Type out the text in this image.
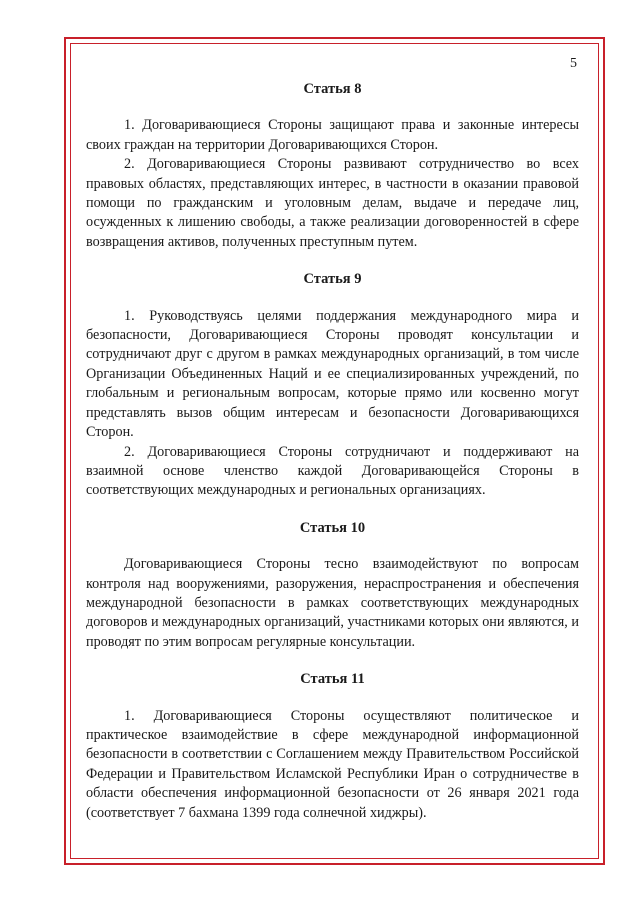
5
Статья 8

1. Договаривающиеся Стороны защищают права и законные интересы своих граждан на территории Договаривающихся Сторон.

2. Договаривающиеся Стороны развивают сотрудничество во всех правовых областях, представляющих интерес, в частности в оказании правовой помощи по гражданским и уголовным делам, выдаче и передаче лиц, осужденных к лишению свободы, а также реализации договоренностей в сфере возвращения активов, полученных преступным путем.

Статья 9

1. Руководствуясь целями поддержания международного мира и безопасности, Договаривающиеся Стороны проводят консультации и сотрудничают друг с другом в рамках международных организаций, в том числе Организации Объединенных Наций и ее специализированных учреждений, по глобальным и региональным вопросам, которые прямо или косвенно могут представлять вызов общим интересам и безопасности Договаривающихся Сторон.

2. Договаривающиеся Стороны сотрудничают и поддерживают на взаимной основе членство каждой Договаривающейся Стороны в соответствующих международных и региональных организациях.

Статья 10

Договаривающиеся Стороны тесно взаимодействуют по вопросам контроля над вооружениями, разоружения, нераспространения и обеспечения международной безопасности в рамках соответствующих международных договоров и международных организаций, участниками которых они являются, и проводят по этим вопросам регулярные консультации.

Статья 11

1. Договаривающиеся Стороны осуществляют политическое и практическое взаимодействие в сфере международной информационной безопасности в соответствии с Соглашением между Правительством Российской Федерации и Правительством Исламской Республики Иран о сотрудничестве в области обеспечения информационной безопасности от 26 января 2021 года (соответствует 7 бахмана 1399 года солнечной хиджры).
